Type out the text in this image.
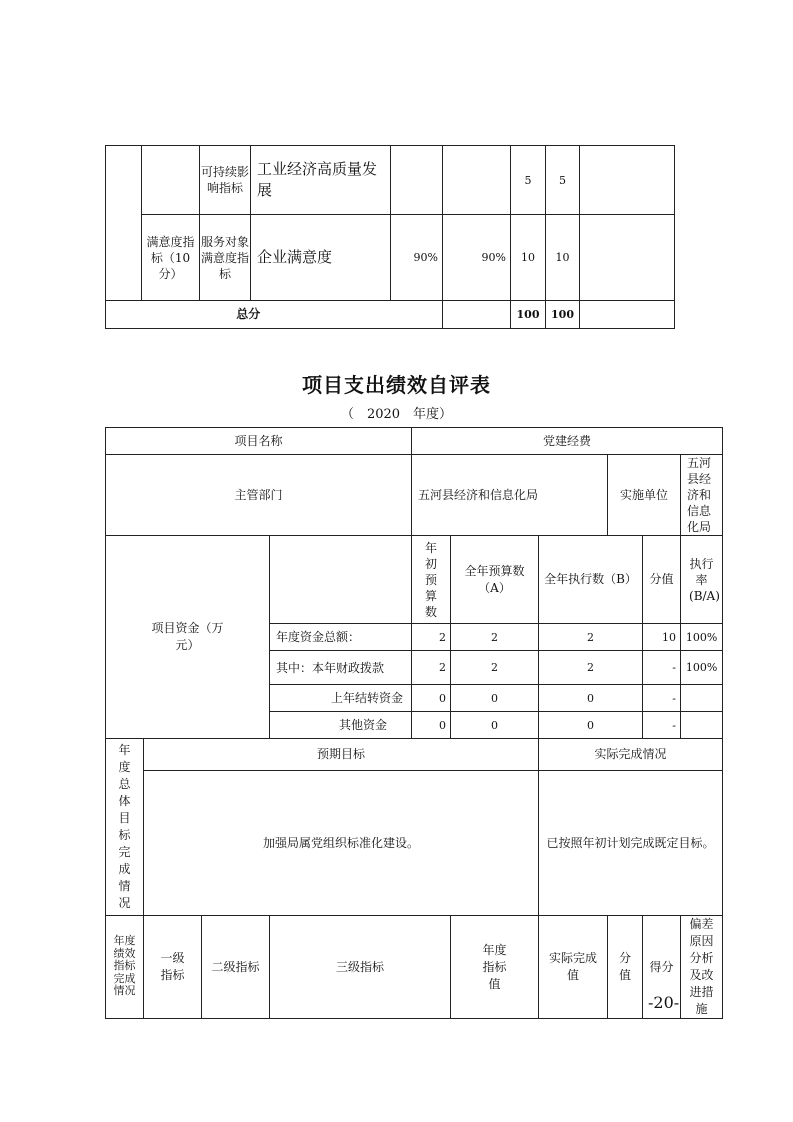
		可持续影响指标	工业经济高质量发展			5	5	
	满意度指标（10分）	服务对象满意度指标	企业满意度	90%	90%	10	10	
总分						100	100	
项目支出绩效自评表
（　2020　年度）
项目名称				党建经费					
主管部门				五河县经济和信息化局			实施单位		五河县经济和信息化局
项目资金（万元）				年初预算数	全年预算数（A）	全年执行数（B）		分值	执行率(B/A)
			年度资金总额：	2	2	2		10	100%
			其中：本年财政拨款	2	2	2		-	100%
			上年结转资金	0	0	0		-	
			其他资金	0	0	0		-	
年度总体目标完成情况	预期目标					实际完成情况			
	加强局属党组织标准化建设。					已按照年初计划完成既定目标。			
年度绩效指标完成情况	一级指标	二级指标	三级指标		年度指标值	实际完成值	分值	得分	偏差原因分析及改进措施
-20-
